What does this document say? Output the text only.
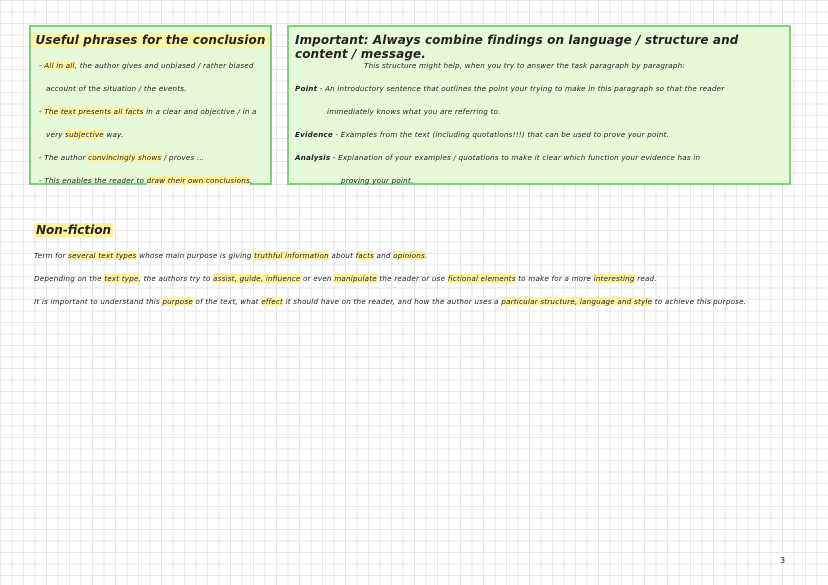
Useful phrases for the conclusion
- All in all, the author gives and unbiased / rather biased
account of the situation / the events.
- The text presents all facts in a clear and objective / in a
very subjective way.
- The author convincingly shows / proves ...
- This enables the reader to draw their own conclusions.
Important: Always combine findings on language / structure and content / message.
This structure might help, when you try to answer the task paragraph by paragraph:
Point - An introductory sentence that outlines the point your trying to make in this paragraph so that the reader
immediately knows what you are referring to.
Evidence - Examples from the text (including quotations!!!) that can be used to prove your point.
Analysis - Explanation of your examples / quotations to make it clear which function your evidence has in
proving your point.
Non-fiction
Term for several text types whose main purpose is giving truthful information about facts and opinions.
Depending on the text type, the authors try to assist, guide, influence or even manipulate the reader or use fictional elements to make for a more interesting read.
It is important to understand this purpose of the text, what effect it should have on the reader, and how the author uses a particular structure, language and style to achieve this purpose.
3
